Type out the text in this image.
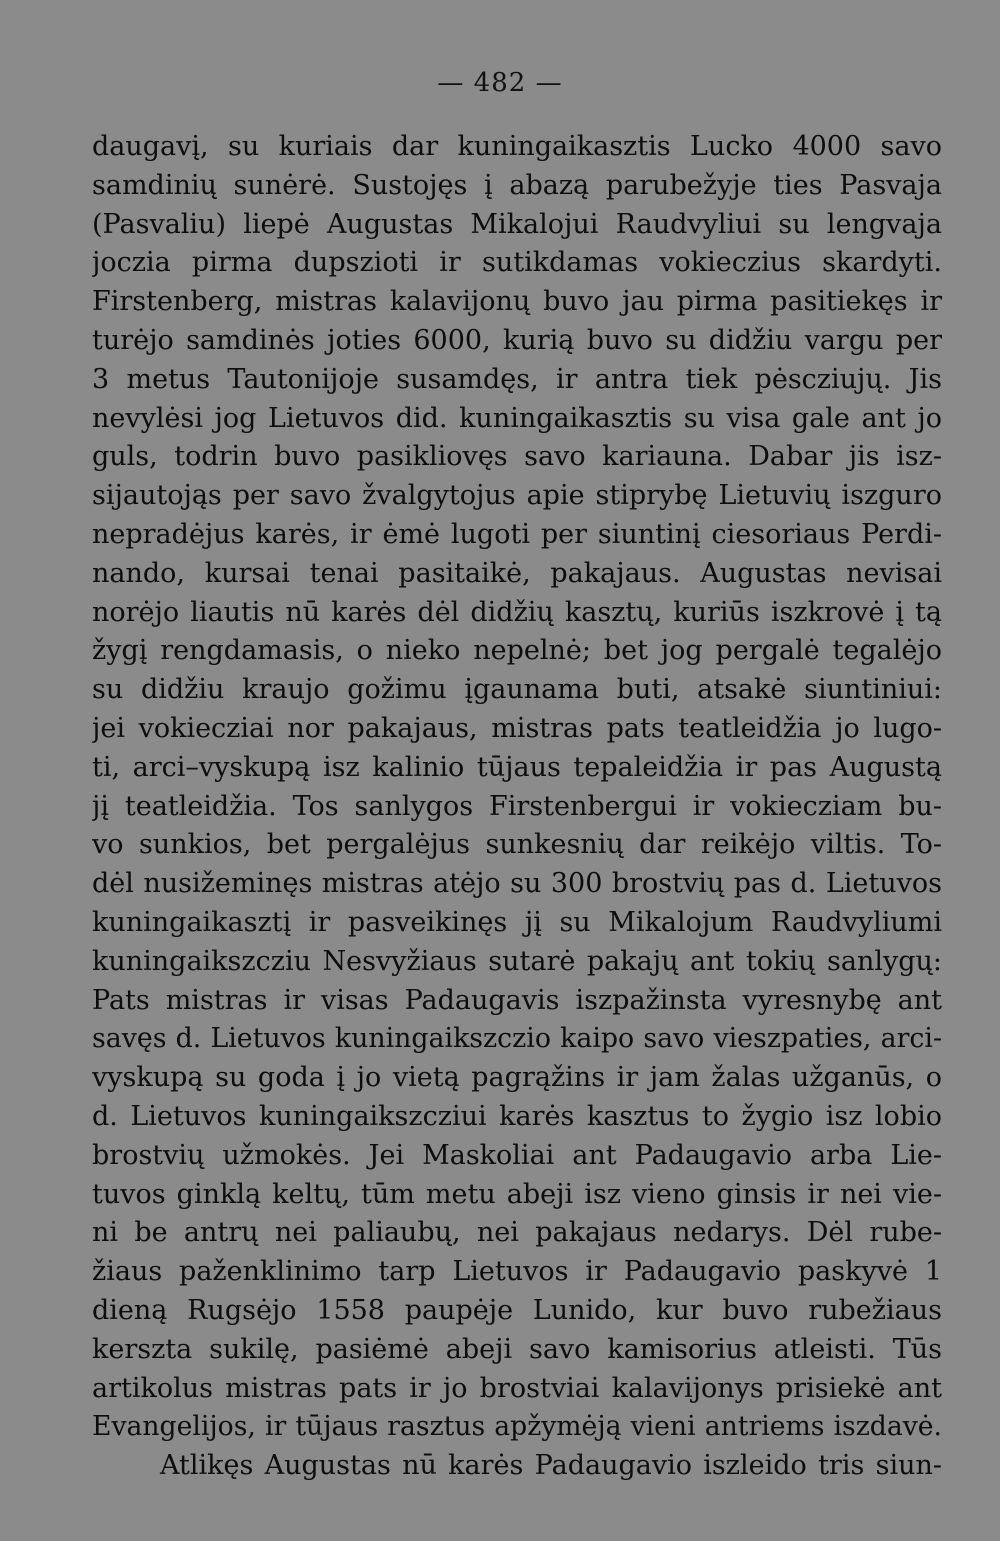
— 482 —
daugavį, su kuriais dar kuningaikasztis Lucko 4000 savo
samdinių sunėrė. Sustojęs į abazą parubežyje ties Pasvaja
(Pasvaliu) liepė Augustas Mikalojui Raudvyliui su lengvaja
joczia pirma dupszioti ir sutikdamas vokieczius skardyti.
Firstenberg, mistras kalavijonų buvo jau pirma pasitiekęs ir
turėjo samdinės joties 6000, kurią buvo su didžiu vargu per
3 metus Tautonijoje susamdęs, ir antra tiek pėscziujų. Jis
nevylėsi jog Lietuvos did. kuningaikasztis su visa gale ant jo
guls, todrin buvo pasikliovęs savo kariauna. Dabar jis isz-
sijautojąs per savo žvalgytojus apie stiprybę Lietuvių iszguro
nepradėjus karės, ir ėmė lugoti per siuntinį ciesoriaus Perdi-
nando, kursai tenai pasitaikė, pakajaus. Augustas nevisai
norėjo liautis nū karės dėl didžių kasztų, kuriūs iszkrovė į tą
žygį rengdamasis, o nieko nepelnė; bet jog pergalė tegalėjo
su didžiu kraujo gožimu įgaunama buti, atsakė siuntiniui:
jei vokiecziai nor pakajaus, mistras pats teatleidžia jo lugo-
ti, arci–vyskupą isz kalinio tūjaus tepaleidžia ir pas Augustą
jį teatleidžia. Tos sanlygos Firstenbergui ir vokiecziam bu-
vo sunkios, bet pergalėjus sunkesnių dar reikėjo viltis. To-
dėl nusižeminęs mistras atėjo su 300 brostvių pas d. Lietuvos
kuningaikasztį ir pasveikinęs jį su Mikalojum Raudvyliumi
kuningaikszcziu Nesvyžiaus sutarė pakajų ant tokių sanlygų:
Pats mistras ir visas Padaugavis iszpažinsta vyresnybę ant
savęs d. Lietuvos kuningaikszczio kaipo savo vieszpaties, arci-
vyskupą su goda į jo vietą pagrąžins ir jam žalas užganūs, o
d. Lietuvos kuningaikszcziui karės kasztus to žygio isz lobio
brostvių užmokės. Jei Maskoliai ant Padaugavio arba Lie-
tuvos ginklą keltų, tūm metu abeji isz vieno ginsis ir nei vie-
ni be antrų nei paliaubų, nei pakajaus nedarys. Dėl rube-
žiaus paženklinimo tarp Lietuvos ir Padaugavio paskyvė 1
dieną Rugsėjo 1558 paupėje Lunido, kur buvo rubežiaus
kerszta sukilę, pasiėmė abeji savo kamisorius atleisti. Tūs
artikolus mistras pats ir jo brostviai kalavijonys prisiekė ant
Evangelijos, ir tūjaus rasztus apžymėją vieni antriems iszdavė.
Atlikęs Augustas nū karės Padaugavio iszleido tris siun-
